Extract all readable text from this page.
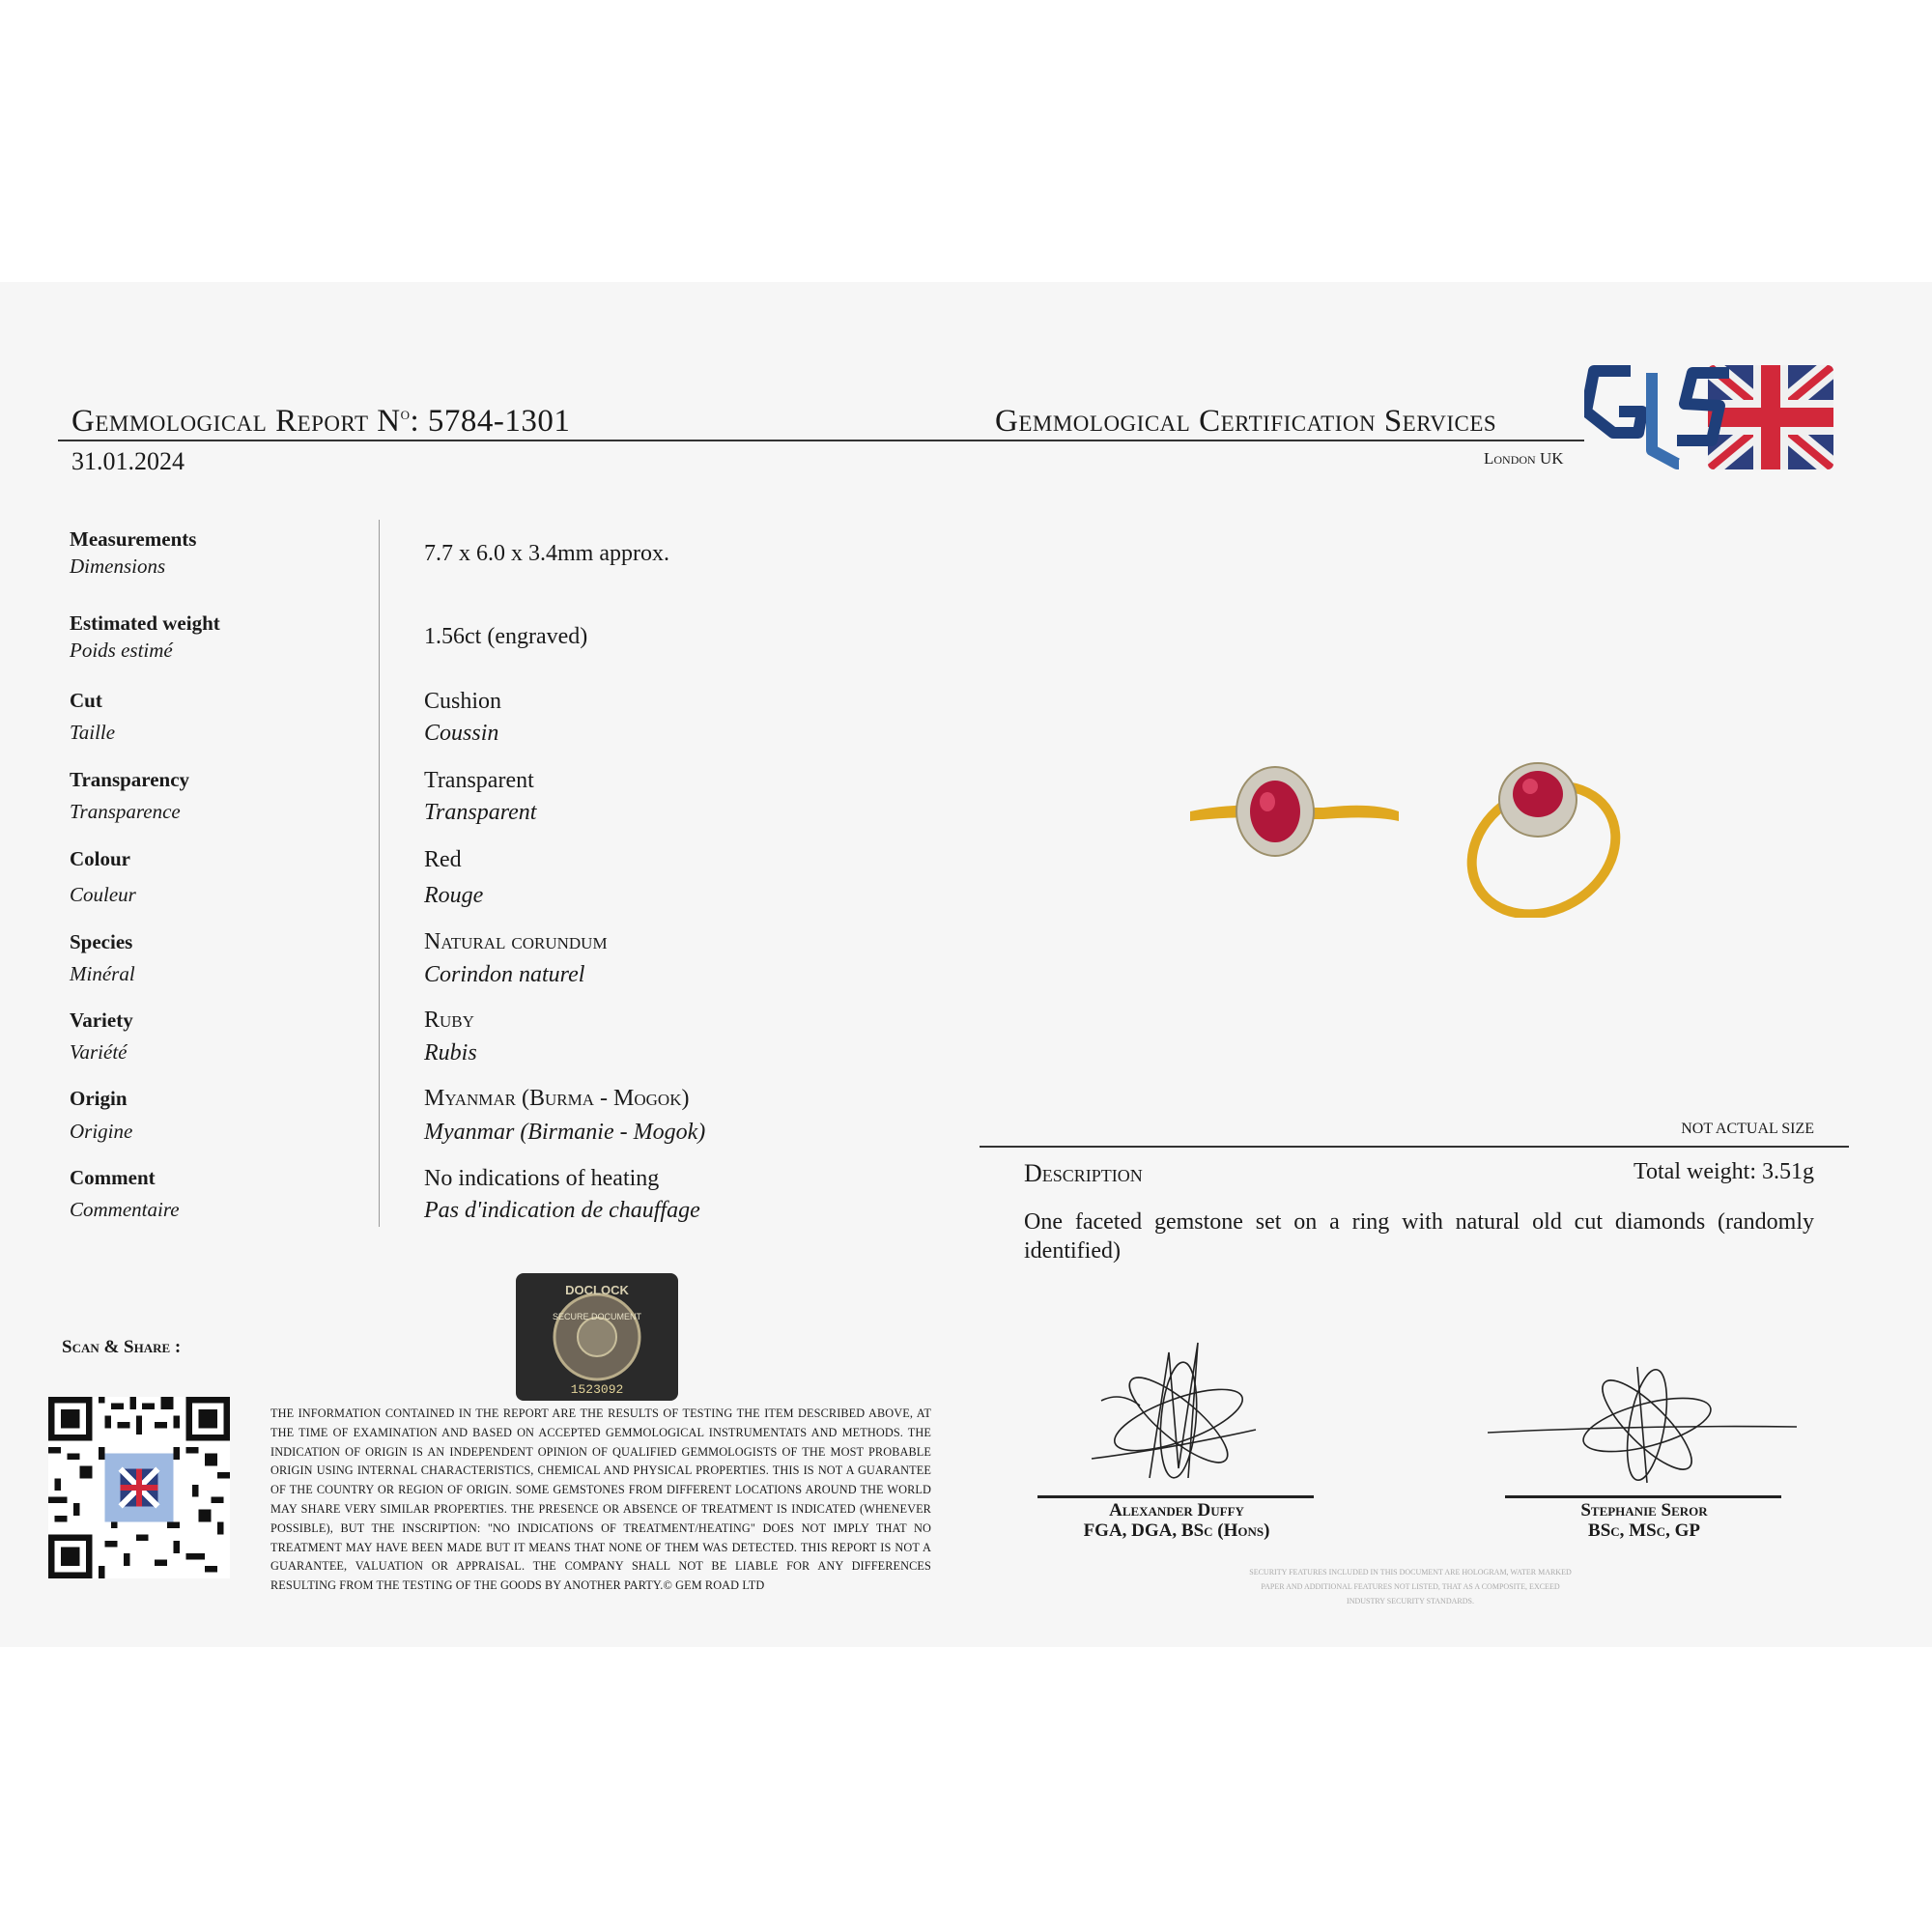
Gemmological Report $N^o$: 5784-1301
31.01.2024
Gemmological Certification Services
London UK
Measurements
Dimensions	7.7 x 6.0 x 3.4mm approx.
Estimated weight
Poids estimé
1.56ct (engraved)
Cut
Taille
Cushion
Coussin
Transparency
Transparence
Transparent
Transparent
Colour
Couleur
Red
Rouge
Species
Minéral
Natural corundum
Corindon naturel
Variety
Variété
Ruby
Rubis
Origin
Origine
Myanmar (Burma - Mogok)
Myanmar (Birmanie - Mogok)
Comment
Commentaire
No indications of heating
Pas d'indication de chauffage
NOT ACTUAL SIZE
Description	Total weight: 3.51g
One faceted gemstone set on a ring with natural old cut diamonds (randomly identified)
Scan & Share :
DOCLOCK
SECURE DOCUMENT
1523092
THE INFORMATION CONTAINED IN THE REPORT ARE THE RESULTS OF TESTING THE ITEM DESCRIBED ABOVE, AT THE TIME OF EXAMINATION AND BASED ON ACCEPTED GEMMOLOGICAL INSTRUMENTATS AND METHODS. THE INDICATION OF ORIGIN IS AN INDEPENDENT OPINION OF QUALIFIED GEMMOLOGISTS OF THE MOST PROBABLE ORIGIN USING INTERNAL CHARACTERISTICS, CHEMICAL AND PHYSICAL PROPERTIES. THIS IS NOT A GUARANTEE OF THE COUNTRY OR REGION OF ORIGIN. SOME GEMSTONES FROM DIFFERENT LOCATIONS AROUND THE WORLD MAY SHARE VERY SIMILAR PROPERTIES. THE PRESENCE OR ABSENCE OF TREATMENT IS INDICATED (WHENEVER POSSIBLE), BUT THE INSCRIPTION: "NO INDICATIONS OF TREATMENT/HEATING" DOES NOT IMPLY THAT NO TREATMENT MAY HAVE BEEN MADE BUT IT MEANS THAT NONE OF THEM WAS DETECTED. THIS REPORT IS NOT A GUARANTEE, VALUATION OR APPRAISAL. THE COMPANY SHALL NOT BE LIABLE FOR ANY DIFFERENCES RESULTING FROM THE TESTING OF THE GOODS BY ANOTHER PARTY.© GEM ROAD LTD
Alexander Duffy
FGA, DGA, BSc (Hons)
Stephanie Seror
BSc, MSc, GP
SECURITY FEATURES INCLUDED IN THIS DOCUMENT ARE HOLOGRAM, WATER MARKED PAPER AND ADDITIONAL FEATURES NOT LISTED, THAT AS A COMPOSITE, EXCEED INDUSTRY SECURITY STANDARDS.
